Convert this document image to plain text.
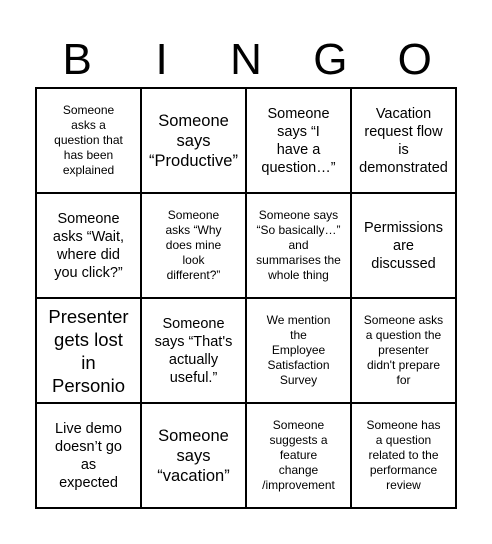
B	I	N	G	O
Someone
asks a
question that
has been
explained
Someone
says
“Productive”
Someone
says “I
have a
question…”
Vacation
request flow
is
demonstrated
Someone
asks “Wait,
where did
you click?”
Someone
asks “Why
does mine
look
different?”
Someone says
“So basically…”
and
summarises the
whole thing
Permissions
are
discussed
Presenter
gets lost
in
Personio
Someone
says “That's
actually
useful.”
We mention
the
Employee
Satisfaction
Survey
Someone asks
a question the
presenter
didn't prepare
for
Live demo
doesn’t go
as
expected
Someone
says
“vacation”
Someone
suggests a
feature
change
/improvement
Someone has
a question
related to the
performance
review
